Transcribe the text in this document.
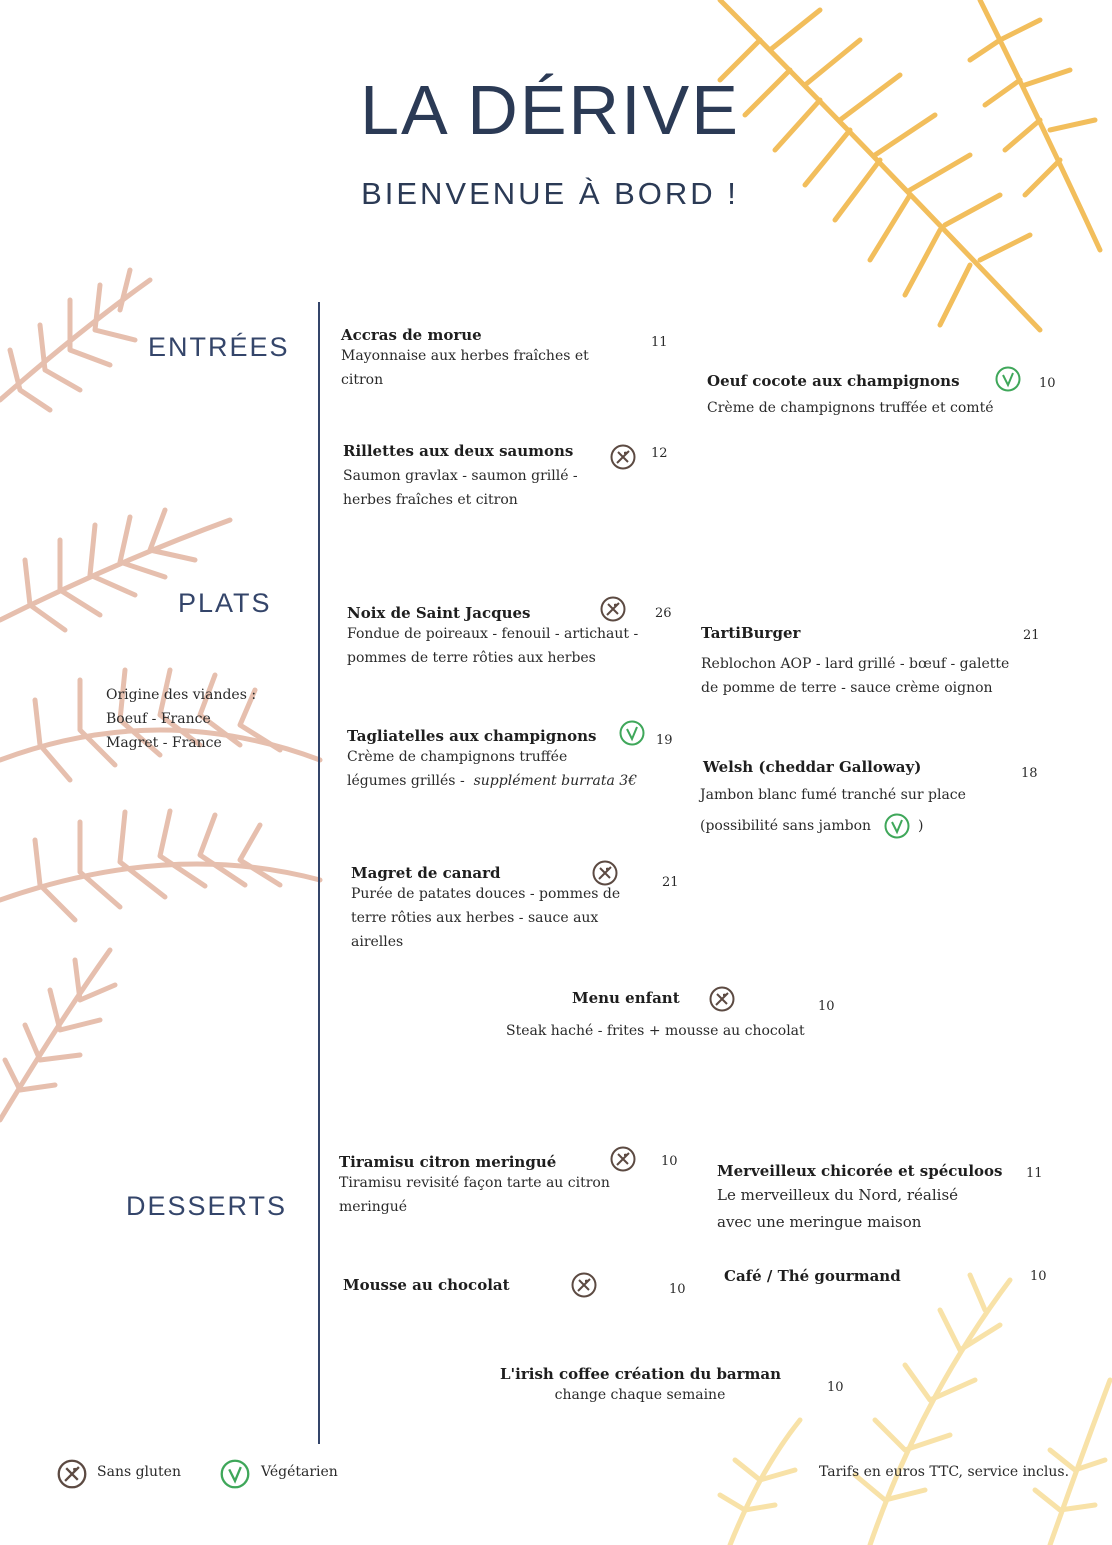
LA DÉRIVE
BIENVENUE À BORD !
ENTRÉES
PLATS
DESSERTS
Origine des viandes :
Boeuf - France
Magret - France
Accras de morue
Mayonnaise aux herbes fraîches et
citron
11
Rillettes aux deux saumons
Saumon gravlax - saumon grillé -
herbes fraîches et citron
12
Oeuf cocote aux champignons
Crème de champignons truffée et comté
10
Noix de Saint Jacques
Fondue de poireaux - fenouil - artichaut -
pommes de terre rôties aux herbes
26
Tagliatelles aux champignons
Crème de champignons truffée
légumes grillés - supplément burrata 3€
19
Magret de canard
Purée de patates douces - pommes de
terre rôties aux herbes - sauce aux
airelles
21
TartiBurger
Reblochon AOP - lard grillé - bœuf - galette
de pomme de terre - sauce crème oignon
21
Welsh (cheddar Galloway)
Jambon blanc fumé tranché sur place
(possibilité sans jambon	)
18
Menu enfant	10
Steak haché - frites + mousse au chocolat
Tiramisu citron meringué
Tiramisu revisité façon tarte au citron
meringué
10
Mousse au chocolat	10
Merveilleux chicorée et spéculoos
Le merveilleux du Nord, réalisé
avec une meringue maison
11
Café / Thé gourmand	10
L'irish coffee création du barman
change chaque semaine	10
Sans gluten	Végétarien	Tarifs en euros TTC, service inclus.
